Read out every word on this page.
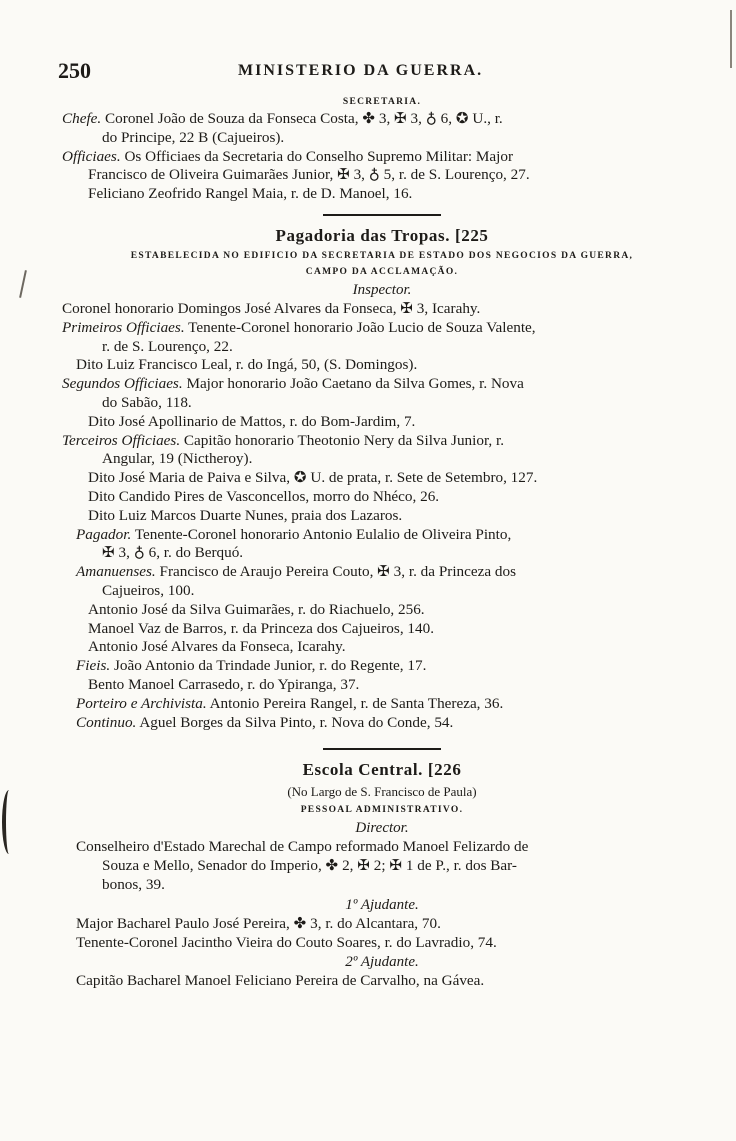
250	MINISTERIO DA GUERRA.
SECRETARIA.
Chefe. Coronel João de Souza da Fonseca Costa, ✤ 3, ✠ 3, ♁ 6, ✪ U., r.
do Principe, 22 B (Cajueiros).
Officiaes. Os Officiaes da Secretaria do Conselho Supremo Militar: Major
Francisco de Oliveira Guimarães Junior, ✠ 3, ♁ 5, r. de S. Lourenço, 27.
Feliciano Zeofrido Rangel Maia, r. de D. Manoel, 16.
Pagadoria das Tropas. [225
ESTABELECIDA NO EDIFICIO DA SECRETARIA DE ESTADO DOS NEGOCIOS DA GUERRA,
CAMPO DA ACCLAMAÇÃO.
Inspector.
Coronel honorario Domingos José Alvares da Fonseca, ✠ 3, Icarahy.
Primeiros Officiaes. Tenente-Coronel honorario João Lucio de Souza Valente,
r. de S. Lourenço, 22.
Dito Luiz Francisco Leal, r. do Ingá, 50, (S. Domingos).
Segundos Officiaes. Major honorario João Caetano da Silva Gomes, r. Nova
do Sabão, 118.
Dito José Apollinario de Mattos, r. do Bom-Jardim, 7.
Terceiros Officiaes. Capitão honorario Theotonio Nery da Silva Junior, r.
Angular, 19 (Nictheroy).
Dito José Maria de Paiva e Silva, ✪ U. de prata, r. Sete de Setembro, 127.
Dito Candido Pires de Vasconcellos, morro do Nhéco, 26.
Dito Luiz Marcos Duarte Nunes, praia dos Lazaros.
Pagador. Tenente-Coronel honorario Antonio Eulalio de Oliveira Pinto,
✠ 3, ♁ 6, r. do Berquó.
Amanuenses. Francisco de Araujo Pereira Couto, ✠ 3, r. da Princeza dos
Cajueiros, 100.
Antonio José da Silva Guimarães, r. do Riachuelo, 256.
Manoel Vaz de Barros, r. da Princeza dos Cajueiros, 140.
Antonio José Alvares da Fonseca, Icarahy.
Fieis. João Antonio da Trindade Junior, r. do Regente, 17.
Bento Manoel Carrasedo, r. do Ypiranga, 37.
Porteiro e Archivista. Antonio Pereira Rangel, r. de Santa Thereza, 36.
Continuo. Aguel Borges da Silva Pinto, r. Nova do Conde, 54.
Escola Central. [226
(No Largo de S. Francisco de Paula)
PESSOAL ADMINISTRATIVO.
Director.
Conselheiro d'Estado Marechal de Campo reformado Manoel Felizardo de
Souza e Mello, Senador do Imperio, ✤ 2, ✠ 2; ✠ 1 de P., r. dos Bar-
bonos, 39.
1º Ajudante.
Major Bacharel Paulo José Pereira, ✤ 3, r. do Alcantara, 70.
Tenente-Coronel Jacintho Vieira do Couto Soares, r. do Lavradio, 74.
2º Ajudante.
Capitão Bacharel Manoel Feliciano Pereira de Carvalho, na Gávea.
